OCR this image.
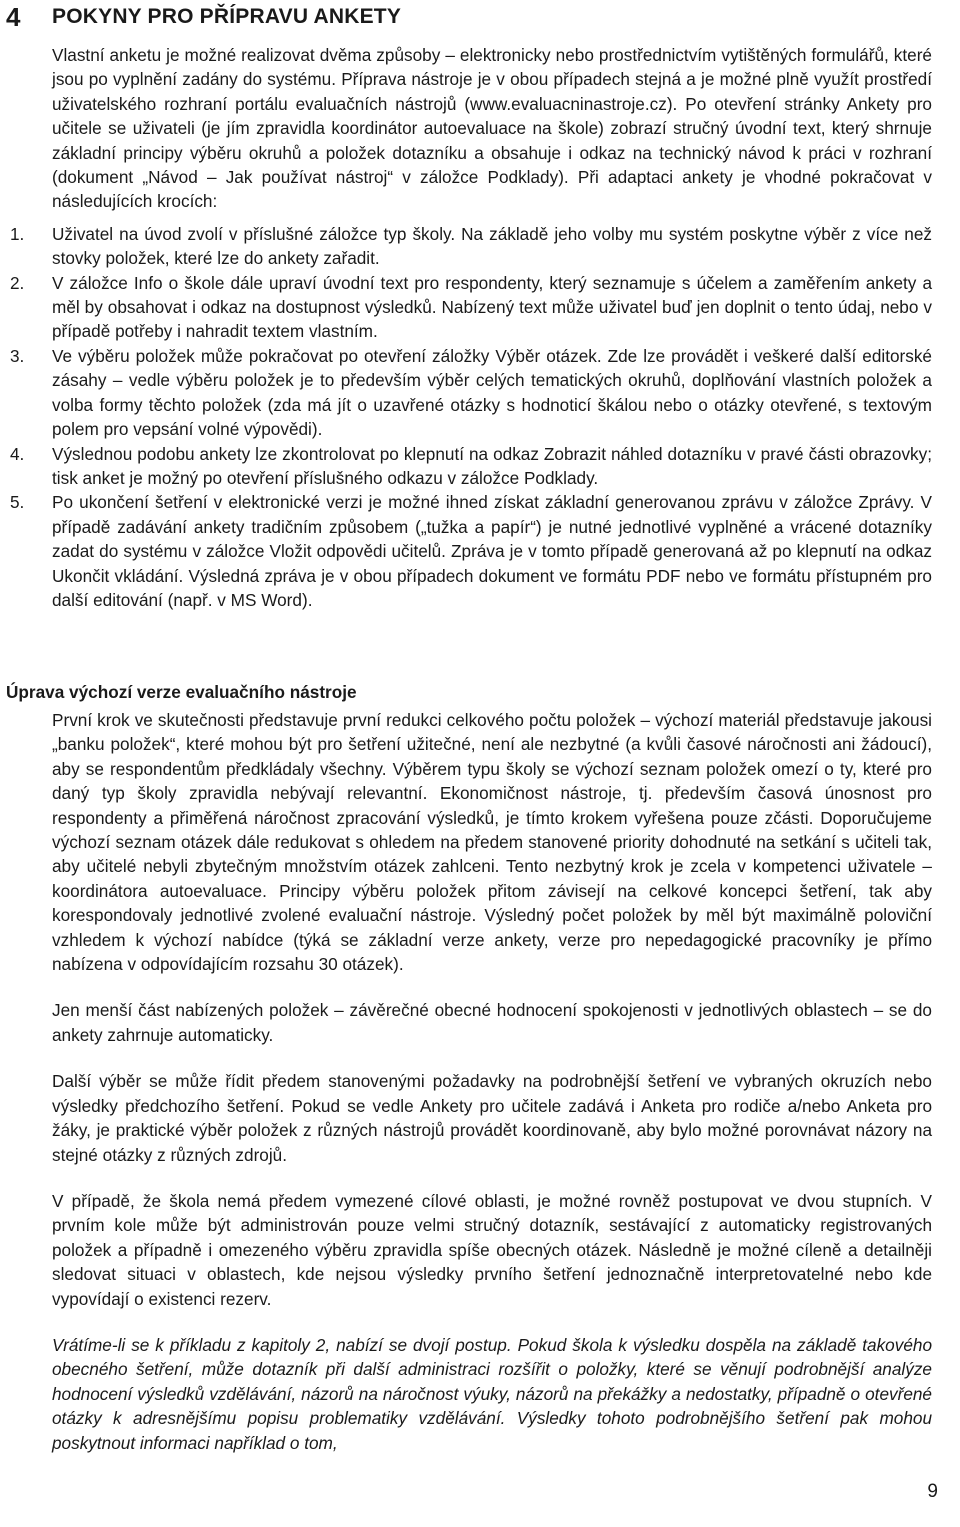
4 POKYNY PRO PŘÍPRAVU ANKETY

Vlastní anketu je možné realizovat dvěma způsoby – elektronicky nebo prostřednictvím vytištěných formulářů, které jsou po vyplnění zadány do systému. Příprava nástroje je v obou případech stejná a je možné plně využít prostředí uživatelského rozhraní portálu evaluačních nástrojů (www.evaluacninastroje.cz). Po otevření stránky Ankety pro učitele se uživateli (je jím zpravidla koordinátor autoevaluace na škole) zobrazí stručný úvodní text, který shrnuje základní principy výběru okruhů a položek dotazníku a obsahuje i odkaz na technický návod k práci v rozhraní (dokument „Návod – Jak používat nástroj“ v záložce Podklady). Při adaptaci ankety je vhodné pokračovat v následujících krocích:

1. Uživatel na úvod zvolí v příslušné záložce typ školy. Na základě jeho volby mu systém poskytne výběr z více než stovky položek, které lze do ankety zařadit.
2. V záložce Info o škole dále upraví úvodní text pro respondenty, který seznamuje s účelem a zaměřením ankety a měl by obsahovat i odkaz na dostupnost výsledků. Nabízený text může uživatel buď jen doplnit o tento údaj, nebo v případě potřeby i nahradit textem vlastním.
3. Ve výběru položek může pokračovat po otevření záložky Výběr otázek. Zde lze provádět i veškeré další editorské zásahy – vedle výběru položek je to především výběr celých tematických okruhů, doplňování vlastních položek a volba formy těchto položek (zda má jít o uzavřené otázky s hodnoticí škálou nebo o otázky otevřené, s textovým polem pro vepsání volné výpovědi).
4. Výslednou podobu ankety lze zkontrolovat po klepnutí na odkaz Zobrazit náhled dotazníku v pravé části obrazovky; tisk anket je možný po otevření příslušného odkazu v záložce Podklady.
5. Po ukončení šetření v elektronické verzi je možné ihned získat základní generovanou zprávu v záložce Zprávy. V případě zadávání ankety tradičním způsobem („tužka a papír“) je nutné jednotlivé vyplněné a vrácené dotazníky zadat do systému v záložce Vložit odpovědi učitelů. Zpráva je v tomto případě generovaná až po klepnutí na odkaz Ukončit vkládání. Výsledná zpráva je v obou případech dokument ve formátu PDF nebo ve formátu přístupném pro další editování (např. v MS Word).
Úprava výchozí verze evaluačního nástroje

První krok ve skutečnosti představuje první redukci celkového počtu položek – výchozí materiál představuje jakousi „banku položek“, které mohou být pro šetření užitečné, není ale nezbytné (a kvůli časové náročnosti ani žádoucí), aby se respondentům předkládaly všechny. Výběrem typu školy se výchozí seznam položek omezí o ty, které pro daný typ školy zpravidla nebývají relevantní. Ekonomičnost nástroje, tj. především časová únosnost pro respondenty a přiměřená náročnost zpracování výsledků, je tímto krokem vyřešena pouze zčásti. Doporučujeme výchozí seznam otázek dále redukovat s ohledem na předem stanovené priority dohodnuté na setkání s učiteli tak, aby učitelé nebyli zbytečným množstvím otázek zahlceni. Tento nezbytný krok je zcela v kompetenci uživatele – koordinátora autoevaluace. Principy výběru položek přitom závisejí na celkové koncepci šetření, tak aby korespondovaly jednotlivé zvolené evaluační nástroje. Výsledný počet položek by měl být maximálně poloviční vzhledem k výchozí nabídce (týká se základní verze ankety, verze pro nepedagogické pracovníky je přímo nabízena v odpovídajícím rozsahu 30 otázek).

Jen menší část nabízených položek – závěrečné obecné hodnocení spokojenosti v jednotlivých oblastech – se do ankety zahrnuje automaticky.

Další výběr se může řídit předem stanovenými požadavky na podrobnější šetření ve vybraných okruzích nebo výsledky předchozího šetření. Pokud se vedle Ankety pro učitele zadává i Anketa pro rodiče a/nebo Anketa pro žáky, je praktické výběr položek z různých nástrojů provádět koordinovaně, aby bylo možné porovnávat názory na stejné otázky z různých zdrojů.

V případě, že škola nemá předem vymezené cílové oblasti, je možné rovněž postupovat ve dvou stupních. V prvním kole může být administrován pouze velmi stručný dotazník, sestávající z automaticky registrovaných položek a případně i omezeného výběru zpravidla spíše obecných otázek. Následně je možné cíleně a detailněji sledovat situaci v oblastech, kde nejsou výsledky prvního šetření jednoznačně interpretovatelné nebo kde vypovídají o existenci rezerv.

Vrátíme-li se k příkladu z kapitoly 2, nabízí se dvojí postup. Pokud škola k výsledku dospěla na základě takového obecného šetření, může dotazník při další administraci rozšířit o položky, které se věnují podrobnější analýze hodnocení výsledků vzdělávání, názorů na náročnost výuky, názorů na překážky a nedostatky, případně o otevřené otázky k adresnějšímu popisu problematiky vzdělávání. Výsledky tohoto podrobnějšího šetření pak mohou poskytnout informaci například o tom,

9
